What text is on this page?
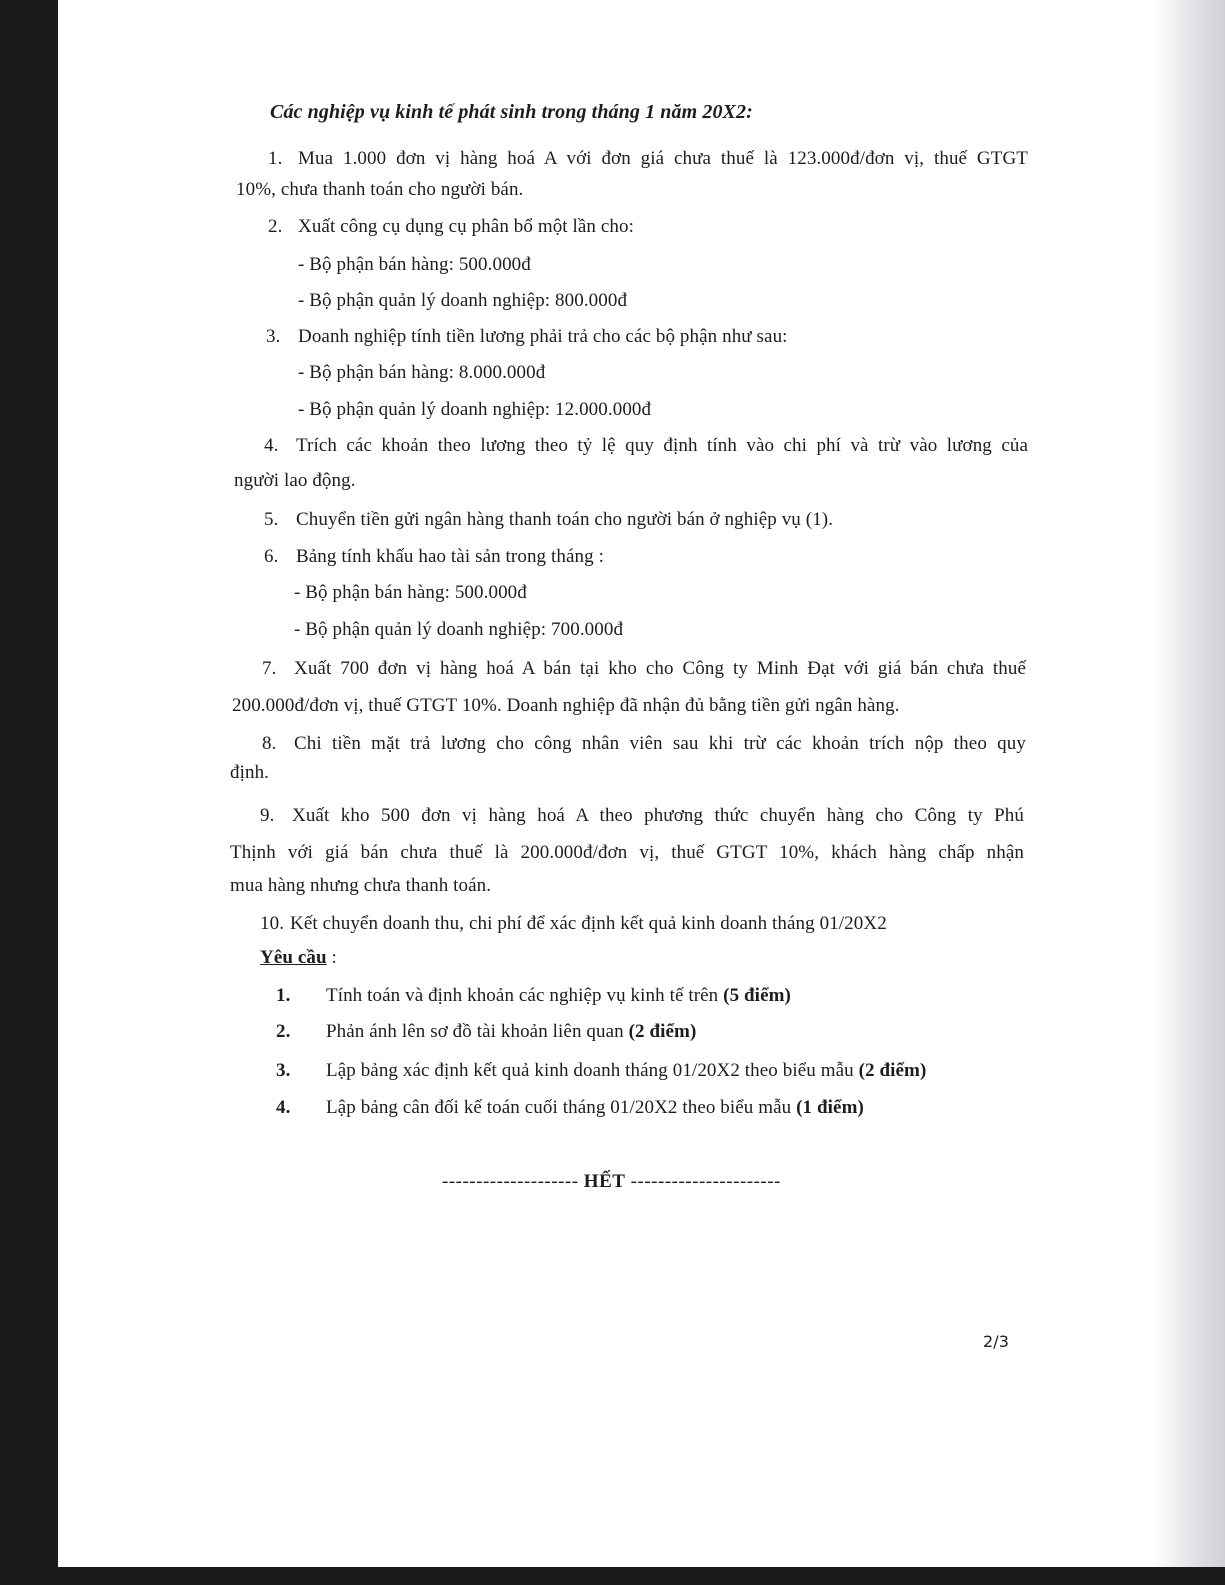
Các nghiệp vụ kinh tế phát sinh trong tháng 1 năm 20X2:
1. Mua 1.000 đơn vị hàng hoá A với đơn giá chưa thuế là 123.000đ/đơn vị, thuế GTGT
10%, chưa thanh toán cho người bán.
2. Xuất công cụ dụng cụ phân bổ một lần cho:
- Bộ phận bán hàng: 500.000đ
- Bộ phận quản lý doanh nghiệp: 800.000đ
3. Doanh nghiệp tính tiền lương phải trả cho các bộ phận như sau:
- Bộ phận bán hàng: 8.000.000đ
- Bộ phận quản lý doanh nghiệp: 12.000.000đ
4. Trích các khoản theo lương theo tỷ lệ quy định tính vào chi phí và trừ vào lương của
người lao động.
5. Chuyển tiền gửi ngân hàng thanh toán cho người bán ở nghiệp vụ (1).
6. Bảng tính khấu hao tài sản trong tháng :
- Bộ phận bán hàng: 500.000đ
- Bộ phận quản lý doanh nghiệp: 700.000đ
7. Xuất 700 đơn vị hàng hoá A bán tại kho cho Công ty Minh Đạt với giá bán chưa thuế
200.000đ/đơn vị, thuế GTGT 10%. Doanh nghiệp đã nhận đủ bằng tiền gửi ngân hàng.
8. Chi tiền mặt trả lương cho công nhân viên sau khi trừ các khoản trích nộp theo quy
định.
9. Xuất kho 500 đơn vị hàng hoá A theo phương thức chuyển hàng cho Công ty Phú
Thịnh với giá bán chưa thuế là 200.000đ/đơn vị, thuế GTGT 10%, khách hàng chấp nhận
mua hàng nhưng chưa thanh toán.
10. Kết chuyển doanh thu, chi phí để xác định kết quả kinh doanh tháng 01/20X2
Yêu cầu :
1. Tính toán và định khoản các nghiệp vụ kinh tế trên (5 điểm)
2. Phản ánh lên sơ đồ tài khoản liên quan (2 điểm)
3. Lập bảng xác định kết quả kinh doanh tháng 01/20X2 theo biểu mẫu (2 điểm)
4. Lập bảng cân đối kế toán cuối tháng 01/20X2 theo biểu mẫu (1 điểm)
-------------------- HẾT ----------------------
2/3
